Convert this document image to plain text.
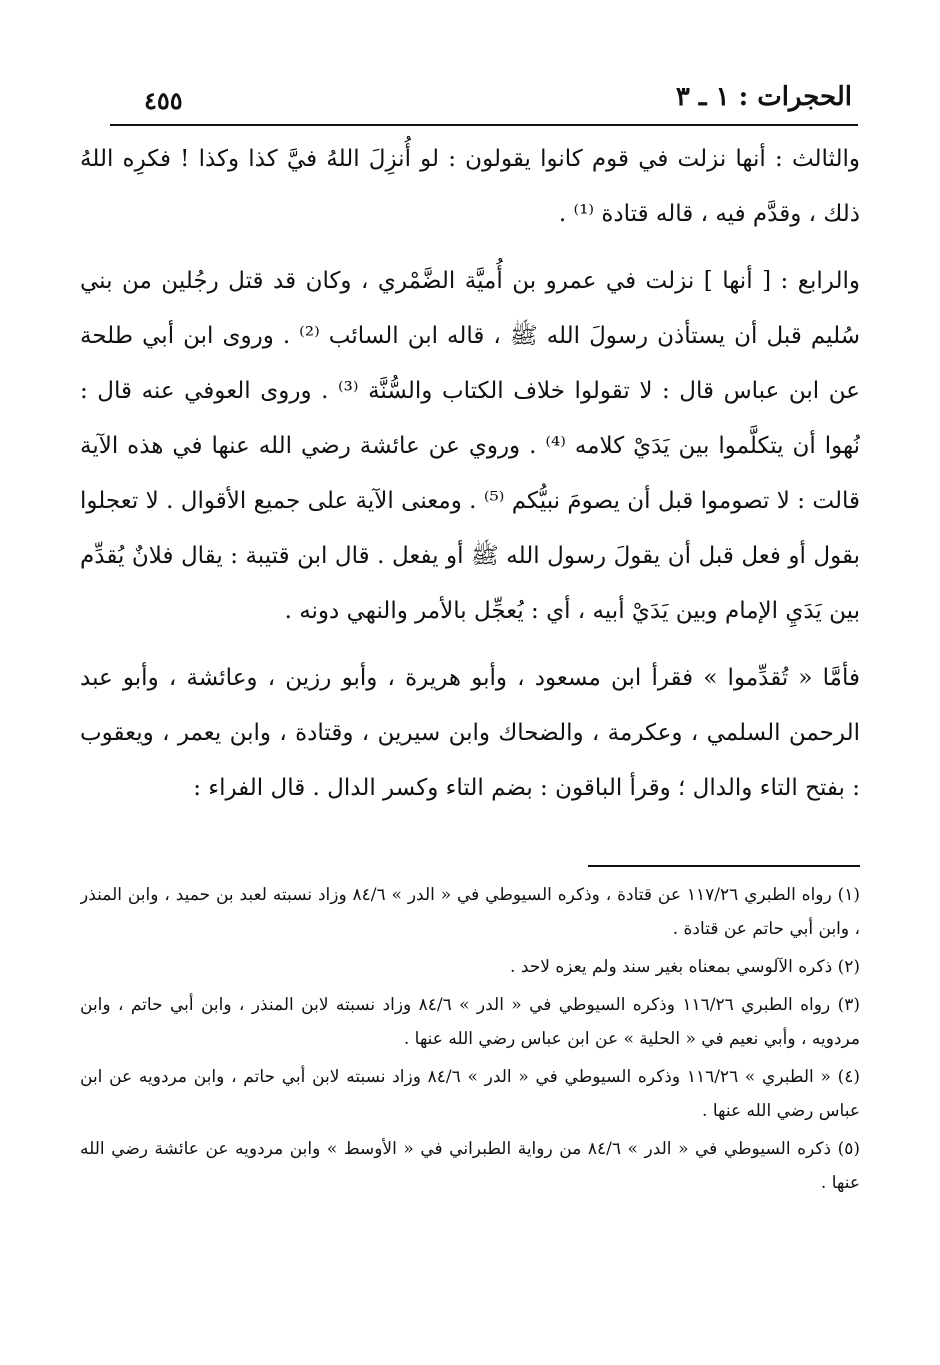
الحجرات : ١ ـ ٣
٤٥٥

والثالث : أنها نزلت في قوم كانوا يقولون : لو أُنزِلَ اللهُ فيَّ كذا وكذا ! فكرِه اللهُ ذلك ، وقدَّم فيه ، قاله قتادة ⁽¹⁾ .

والرابع : [ أنها ] نزلت في عمرو بن أُميَّة الضَّمْري ، وكان قد قتل رجُلين من بني سُليم قبل أن يستأذن رسولَ الله ﷺ ، قاله ابن السائب ⁽²⁾ . وروى ابن أبي طلحة عن ابن عباس قال : لا تقولوا خلاف الكتاب والسُّنَّة ⁽³⁾ . وروى العوفي عنه قال : نُهوا أن يتكلَّموا بين يَدَيْ كلامه ⁽⁴⁾ . وروي عن عائشة رضي الله عنها في هذه الآية قالت : لا تصوموا قبل أن يصومَ نبيُّكم ⁽⁵⁾ . ومعنى الآية على جميع الأقوال . لا تعجلوا بقول أو فعل قبل أن يقولَ رسول الله ﷺ أو يفعل . قال ابن قتيبة : يقال فلانٌ يُقدِّم بين يَدَيِ الإمام وبين يَدَيْ أبيه ، أي : يُعجِّل بالأمر والنهي دونه .

فأمَّا « تُقدِّموا » فقرأ ابن مسعود ، وأبو هريرة ، وأبو رزين ، وعائشة ، وأبو عبد الرحمن السلمي ، وعكرمة ، والضحاك وابن سيرين ، وقتادة ، وابن يعمر ، ويعقوب : بفتح التاء والدال ؛ وقرأ الباقون : بضم التاء وكسر الدال . قال الفراء :

(١) رواه الطبري ١١٧/٢٦ عن قتادة ، وذكره السيوطي في « الدر » ٨٤/٦ وزاد نسبته لعبد بن حميد ، وابن المنذر ، وابن أبي حاتم عن قتادة .

(٢) ذكره الآلوسي بمعناه بغير سند ولم يعزه لاحد .

(٣) رواه الطبري ١١٦/٢٦ وذكره السيوطي في « الدر » ٨٤/٦ وزاد نسبته لابن المنذر ، وابن أبي حاتم ، وابن مردويه ، وأبي نعيم في « الحلية » عن ابن عباس رضي الله عنها .

(٤) « الطبري » ١١٦/٢٦ وذكره السيوطي في « الدر » ٨٤/٦ وزاد نسبته لابن أبي حاتم ، وابن مردويه عن ابن عباس رضي الله عنها .

(٥) ذكره السيوطي في « الدر » ٨٤/٦ من رواية الطبراني في « الأوسط » وابن مردويه عن عائشة رضي الله عنها .
